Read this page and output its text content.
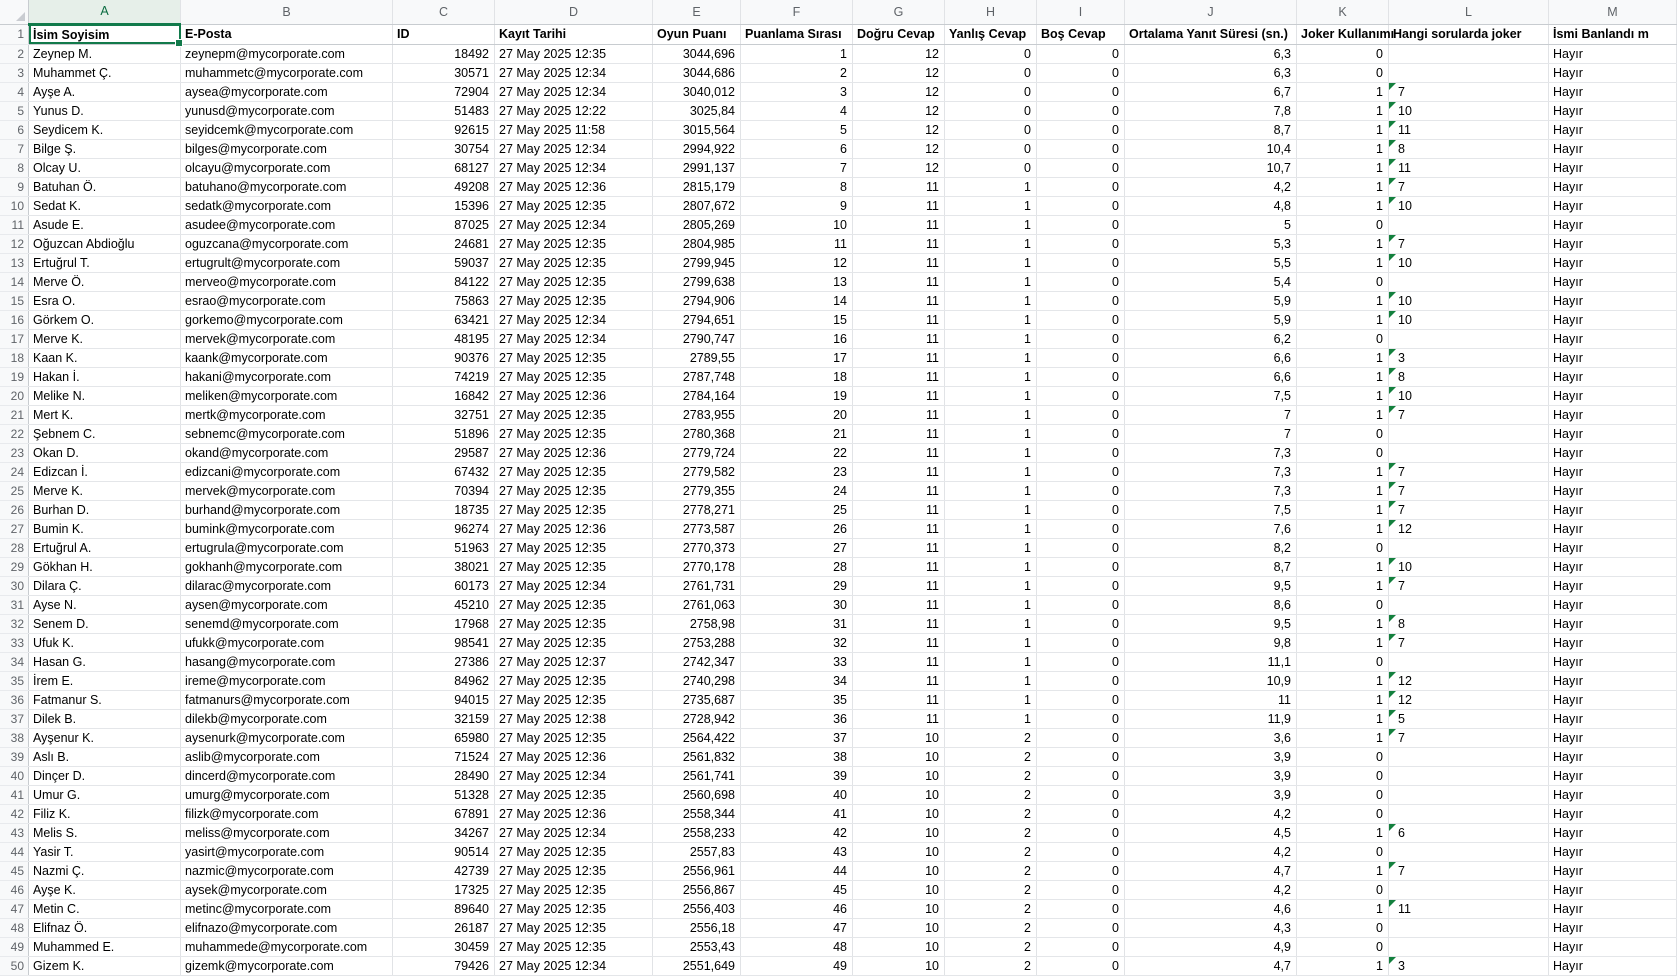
	A	B	C	D	E	F	G	H	I	J	K	L	M
1	İsim Soyisim	E-Posta	ID	Kayıt Tarihi	Oyun Puanı	Puanlama Sırası	Doğru Cevap	Yanlış Cevap	Boş Cevap	Ortalama Yanıt Süresi (sn.)	Joker Kullanımı	Hangi sorularda joker	İsmi Banlandı m
2	Zeynep M.	zeynepm@mycorporate.com	18492	27 May 2025 12:35	3044,696	1	12	0	0	6,3	0		Hayır
3	Muhammet Ç.	muhammetc@mycorporate.com	30571	27 May 2025 12:34	3044,686	2	12	0	0	6,3	0		Hayır
4	Ayşe A.	aysea@mycorporate.com	72904	27 May 2025 12:34	3040,012	3	12	0	0	6,7	1	7	Hayır
5	Yunus D.	yunusd@mycorporate.com	51483	27 May 2025 12:22	3025,84	4	12	0	0	7,8	1	10	Hayır
6	Seydicem K.	seyidcemk@mycorporate.com	92615	27 May 2025 11:58	3015,564	5	12	0	0	8,7	1	11	Hayır
7	Bilge Ş.	bilges@mycorporate.com	30754	27 May 2025 12:34	2994,922	6	12	0	0	10,4	1	8	Hayır
8	Olcay U.	olcayu@mycorporate.com	68127	27 May 2025 12:34	2991,137	7	12	0	0	10,7	1	11	Hayır
9	Batuhan Ö.	batuhano@mycorporate.com	49208	27 May 2025 12:36	2815,179	8	11	1	0	4,2	1	7	Hayır
10	Sedat K.	sedatk@mycorporate.com	15396	27 May 2025 12:35	2807,672	9	11	1	0	4,8	1	10	Hayır
11	Asude E.	asudee@mycorporate.com	87025	27 May 2025 12:34	2805,269	10	11	1	0	5	0		Hayır
12	Oğuzcan Abdioğlu	oguzcana@mycorporate.com	24681	27 May 2025 12:35	2804,985	11	11	1	0	5,3	1	7	Hayır
13	Ertuğrul T.	ertugrult@mycorporate.com	59037	27 May 2025 12:35	2799,945	12	11	1	0	5,5	1	10	Hayır
14	Merve Ö.	merveo@mycorporate.com	84122	27 May 2025 12:35	2799,638	13	11	1	0	5,4	0		Hayır
15	Esra O.	esrao@mycorporate.com	75863	27 May 2025 12:35	2794,906	14	11	1	0	5,9	1	10	Hayır
16	Görkem O.	gorkemo@mycorporate.com	63421	27 May 2025 12:34	2794,651	15	11	1	0	5,9	1	10	Hayır
17	Merve K.	mervek@mycorporate.com	48195	27 May 2025 12:34	2790,747	16	11	1	0	6,2	0		Hayır
18	Kaan K.	kaank@mycorporate.com	90376	27 May 2025 12:35	2789,55	17	11	1	0	6,6	1	3	Hayır
19	Hakan İ.	hakani@mycorporate.com	74219	27 May 2025 12:35	2787,748	18	11	1	0	6,6	1	8	Hayır
20	Melike N.	meliken@mycorporate.com	16842	27 May 2025 12:36	2784,164	19	11	1	0	7,5	1	10	Hayır
21	Mert K.	mertk@mycorporate.com	32751	27 May 2025 12:35	2783,955	20	11	1	0	7	1	7	Hayır
22	Şebnem C.	sebnemc@mycorporate.com	51896	27 May 2025 12:35	2780,368	21	11	1	0	7	0		Hayır
23	Okan D.	okand@mycorporate.com	29587	27 May 2025 12:36	2779,724	22	11	1	0	7,3	0		Hayır
24	Edizcan İ.	edizcani@mycorporate.com	67432	27 May 2025 12:35	2779,582	23	11	1	0	7,3	1	7	Hayır
25	Merve K.	mervek@mycorporate.com	70394	27 May 2025 12:35	2779,355	24	11	1	0	7,3	1	7	Hayır
26	Burhan D.	burhand@mycorporate.com	18735	27 May 2025 12:35	2778,271	25	11	1	0	7,5	1	7	Hayır
27	Bumin K.	bumink@mycorporate.com	96274	27 May 2025 12:36	2773,587	26	11	1	0	7,6	1	12	Hayır
28	Ertuğrul A.	ertugrula@mycorporate.com	51963	27 May 2025 12:35	2770,373	27	11	1	0	8,2	0		Hayır
29	Gökhan H.	gokhanh@mycorporate.com	38021	27 May 2025 12:35	2770,178	28	11	1	0	8,7	1	10	Hayır
30	Dilara Ç.	dilarac@mycorporate.com	60173	27 May 2025 12:34	2761,731	29	11	1	0	9,5	1	7	Hayır
31	Ayse N.	aysen@mycorporate.com	45210	27 May 2025 12:35	2761,063	30	11	1	0	8,6	0		Hayır
32	Senem D.	senemd@mycorporate.com	17968	27 May 2025 12:35	2758,98	31	11	1	0	9,5	1	8	Hayır
33	Ufuk K.	ufukk@mycorporate.com	98541	27 May 2025 12:35	2753,288	32	11	1	0	9,8	1	7	Hayır
34	Hasan G.	hasang@mycorporate.com	27386	27 May 2025 12:37	2742,347	33	11	1	0	11,1	0		Hayır
35	İrem E.	ireme@mycorporate.com	84962	27 May 2025 12:35	2740,298	34	11	1	0	10,9	1	12	Hayır
36	Fatmanur S.	fatmanurs@mycorporate.com	94015	27 May 2025 12:35	2735,687	35	11	1	0	11	1	12	Hayır
37	Dilek B.	dilekb@mycorporate.com	32159	27 May 2025 12:38	2728,942	36	11	1	0	11,9	1	5	Hayır
38	Ayşenur K.	aysenurk@mycorporate.com	65980	27 May 2025 12:35	2564,422	37	10	2	0	3,6	1	7	Hayır
39	Aslı B.	aslib@mycorporate.com	71524	27 May 2025 12:36	2561,832	38	10	2	0	3,9	0		Hayır
40	Dinçer D.	dincerd@mycorporate.com	28490	27 May 2025 12:34	2561,741	39	10	2	0	3,9	0		Hayır
41	Umur G.	umurg@mycorporate.com	51328	27 May 2025 12:35	2560,698	40	10	2	0	3,9	0		Hayır
42	Filiz K.	filizk@mycorporate.com	67891	27 May 2025 12:36	2558,344	41	10	2	0	4,2	0		Hayır
43	Melis S.	meliss@mycorporate.com	34267	27 May 2025 12:34	2558,233	42	10	2	0	4,5	1	6	Hayır
44	Yasir T.	yasirt@mycorporate.com	90514	27 May 2025 12:35	2557,83	43	10	2	0	4,2	0		Hayır
45	Nazmi Ç.	nazmic@mycorporate.com	42739	27 May 2025 12:35	2556,961	44	10	2	0	4,7	1	7	Hayır
46	Ayşe K.	aysek@mycorporate.com	17325	27 May 2025 12:35	2556,867	45	10	2	0	4,2	0		Hayır
47	Metin C.	metinc@mycorporate.com	89640	27 May 2025 12:35	2556,403	46	10	2	0	4,6	1	11	Hayır
48	Elifnaz Ö.	elifnazo@mycorporate.com	26187	27 May 2025 12:35	2556,18	47	10	2	0	4,3	0		Hayır
49	Muhammed E.	muhammede@mycorporate.com	30459	27 May 2025 12:35	2553,43	48	10	2	0	4,9	0		Hayır
50	Gizem K.	gizemk@mycorporate.com	79426	27 May 2025 12:34	2551,649	49	10	2	0	4,7	1	3	Hayır
